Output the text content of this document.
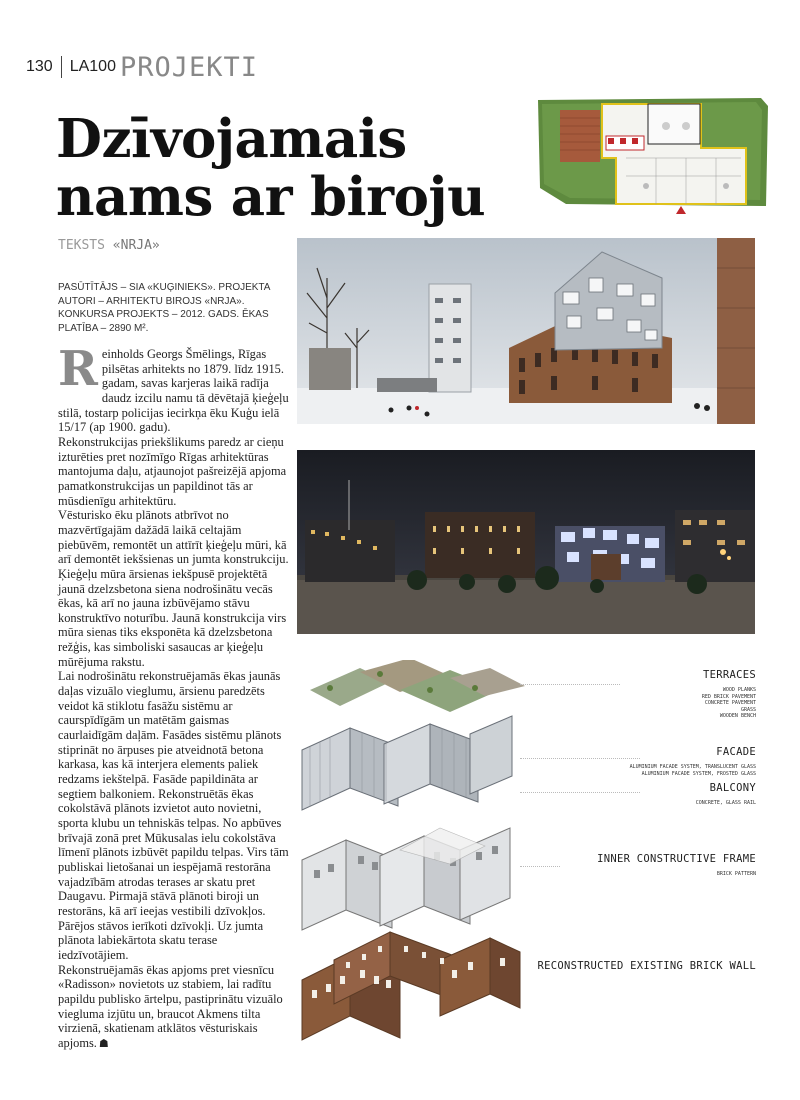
130 LA100 PROJEKTI
Dzīvojamais nams ar biroju
TEKSTS «NRJA»
PASŪTĪTĀJS – SIA «KUĢINIEKS». PROJEKTA AUTORI – ARHITEKTU BIROJS «NRJA». KONKURSA PROJEKTS – 2012. GADS. ĒKAS PLATĪBA – 2890 M².
R einholds Georgs Šmēlings, Rīgas pilsētas arhitekts no 1879. līdz 1915. gadam, savas karjeras laikā radīja daudz izcilu namu tā dēvētajā ķieģeļu stilā, tostarp policijas iecirkņa ēku Kuģu ielā 15/17 (ap 1900. gadu).

Rekonstrukcijas priekšlikums paredz ar cieņu izturēties pret nozīmīgo Rīgas arhitektūras mantojuma daļu, atjaunojot pašreizējā apjoma pamatkonstrukcijas un papildinot tās ar mūsdienīgu arhitektūru.

Vēsturisko ēku plānots atbrīvot no mazvērtīgajām dažādā laikā celtajām piebūvēm, remontēt un attīrīt ķieģeļu mūri, kā arī demontēt iekšsienas un jumta konstrukciju. Ķieģeļu mūra ārsienas iekšpusē projektētā jaunā dzelzsbetona siena nodrošinātu vecās ēkas, kā arī no jauna izbūvējamo stāvu konstruktīvo noturību. Jaunā konstrukcija virs mūra sienas tiks eksponēta kā dzelzsbetona režģis, kas simboliski sasaucas ar ķieģeļu mūrējuma rakstu.

Lai nodrošinātu rekonstruējamās ēkas jaunās daļas vizuālo vieglumu, ārsienu paredzēts veidot kā stiklotu fasāžu sistēmu ar caurspīdīgām un matētām gaismas caurlaidīgām daļām. Fasādes sistēmu plānots stiprināt no ārpuses pie atveidnotā betona karkasa, kas kā interjera elements paliek redzams iekštelpā. Fasāde papildināta ar segtiem balkoniem. Rekonstruētās ēkas cokolstāvā plānots izvietot auto novietni, sporta klubu un tehniskās telpas. No apbūves brīvajā zonā pret Mūkusalas ielu cokolstāva līmenī plānots izbūvēt papildu telpas. Virs tām publiskai lietošanai un iespējamā restorāna vajadzībām atrodas terases ar skatu pret Daugavu. Pirmajā stāvā plānoti biroji un restorāns, kā arī ieejas vestibili dzīvokļos. Pārējos stāvos ierīkoti dzīvokļi. Uz jumta plānota labiekārtota skatu terase iedzīvotājiem.

Rekonstruējamās ēkas apjoms pret viesnīcu «Radisson» novietots uz stabiem, lai radītu papildu publisko ārtelpu, pastiprinātu vizuālo viegluma izjūtu un, braucot Akmens tilta virzienā, skatienam atklātos vēsturiskais apjoms. ☗

TERRACES
WOOD PLANKS
RED BRICK PAVEMENT
CONCRETE PAVEMENT
GRASS
WOODEN BENCH
FACADE
ALUMINIUM FACADE SYSTEM, TRANSLUCENT GLASS
ALUMINIUM FACADE SYSTEM, FROSTED GLASS
BALCONY
CONCRETE, GLASS RAIL
INNER CONSTRUCTIVE FRAME
BRICK PATTERN
RECONSTRUCTED EXISTING BRICK WALL
